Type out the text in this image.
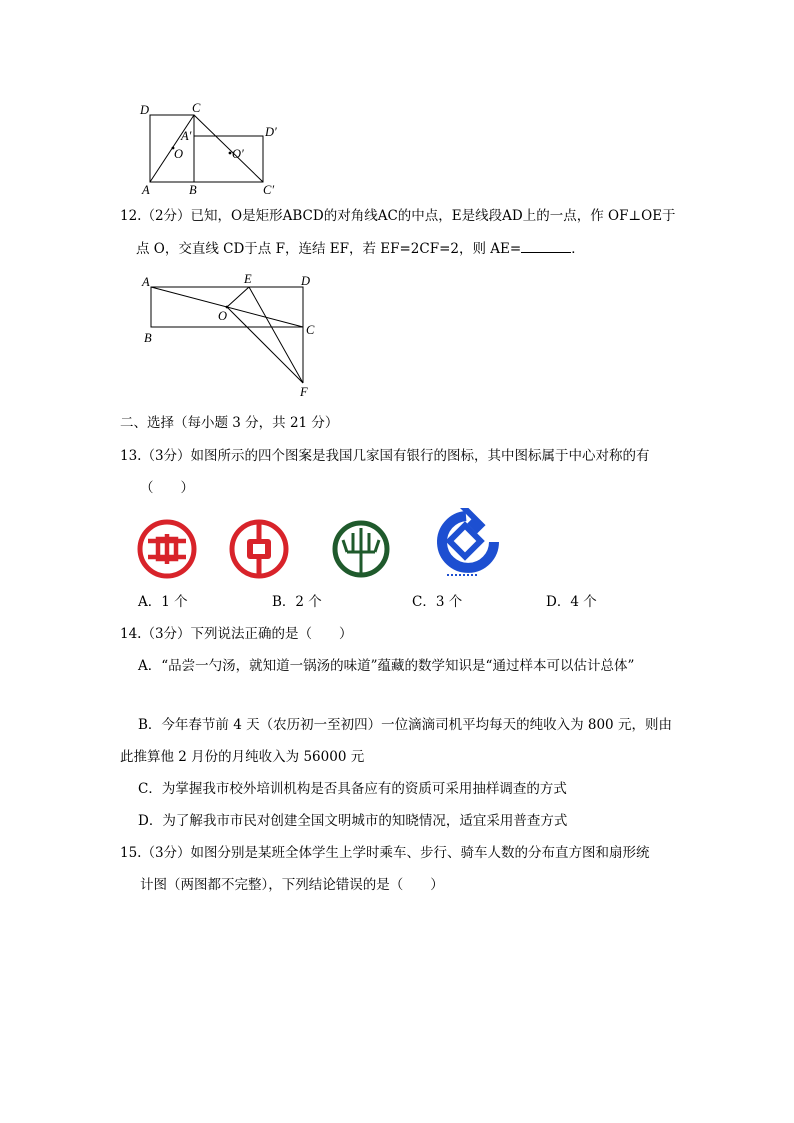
D	C
D′
A′
O	O′
A	B	C′
12.（2分）已知，O是矩形ABCD的对角线AC的中点，E是线段AD上的一点，作 OF⊥OE于
点 O，交直线 CD于点 F，连结 EF，若 EF=2CF=2，则 AE=	．
A	E	D
O
C
B
F
二、选择（每小题 3 分，共 21 分）
13.（3分）如图所示的四个图案是我国几家国有银行的图标，其中图标属于中心对称的有
（　　）
A．1 个	B．2 个	C．3 个	D．4 个
14.（3分）下列说法正确的是（　　）
A．“品尝一勺汤，就知道一锅汤的味道”蕴藏的数学知识是“通过样本可以估计总体”
B．今年春节前 4 天（农历初一至初四）一位滴滴司机平均每天的纯收入为 800 元，则由
此推算他 2 月份的月纯收入为 56000 元
C．为掌握我市校外培训机构是否具备应有的资质可采用抽样调查的方式
D．为了解我市市民对创建全国文明城市的知晓情况，适宜采用普查方式
15.（3分）如图分别是某班全体学生上学时乘车、步行、骑车人数的分布直方图和扇形统
计图（两图都不完整），下列结论错误的是（　　）
